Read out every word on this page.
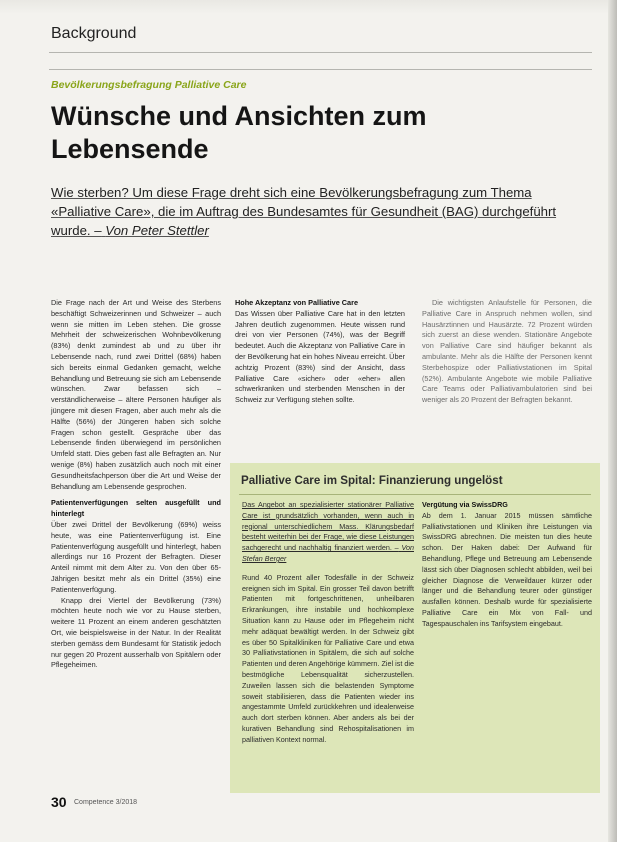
Background
Bevölkerungsbefragung Palliative Care
Wünsche und Ansichten zum Lebensende

Wie sterben? Um diese Frage dreht sich eine Bevölkerungsbefragung zum Thema «Palliative Care», die im Auftrag des Bundesamtes für Gesundheit (BAG) durchgeführt wurde. – Von Peter Stettler

Die Frage nach der Art und Weise des Sterbens beschäftigt Schweizerinnen und Schweizer – auch wenn sie mitten im Leben stehen. Die grosse Mehrheit der schweizerischen Wohnbevölkerung (83%) denkt zumindest ab und zu über ihr Lebensende nach, rund zwei Drittel (68%) haben sich bereits einmal Gedanken gemacht, welche Behandlung und Betreuung sie sich am Lebensende wünschen. Zwar befassen sich – verständlicherweise – ältere Personen häufiger als jüngere mit diesen Fragen, aber auch mehr als die Hälfte (56%) der Jüngeren haben sich solche Fragen schon gestellt. Gespräche über das Lebensende finden überwiegend im persönlichen Umfeld statt. Dies geben fast alle Befragten an. Nur wenige (8%) haben zusätzlich auch noch mit einer Gesundheitsfachperson über die Art und Weise der Behandlung am Lebensende gesprochen.

Patientenverfügungen selten ausgefüllt und hinterlegt

Über zwei Drittel der Bevölkerung (69%) weiss heute, was eine Patientenverfügung ist. Eine Patientenverfügung ausgefüllt und hinterlegt, haben allerdings nur 16 Prozent der Befragten. Dieser Anteil nimmt mit dem Alter zu. Von den über 65-Jährigen besitzt mehr als ein Drittel (35%) eine Patientenverfügung.

Knapp drei Viertel der Bevölkerung (73%) möchten heute noch wie vor zu Hause sterben, weitere 11 Prozent an einem anderen geschätzten Ort, wie beispielsweise in der Natur. In der Realität sterben gemäss dem Bundesamt für Statistik jedoch nur gegen 20 Prozent ausserhalb von Spitälern oder Pflegeheimen.

Hohe Akzeptanz von Palliative Care

Das Wissen über Palliative Care hat in den letzten Jahren deutlich zugenommen. Heute wissen rund drei von vier Personen (74%), was der Begriff bedeutet. Auch die Akzeptanz von Palliative Care in der Bevölkerung hat ein hohes Niveau erreicht. Über achtzig Prozent (83%) sind der Ansicht, dass Palliative Care «sicher» oder «eher» allen schwerkranken und sterbenden Menschen in der Schweiz zur Verfügung stehen sollte.

Die wichtigsten Anlaufstelle für Personen, die Palliative Care in Anspruch nehmen wollen, sind Hausärztinnen und Hausärzte. 72 Prozent würden sich zuerst an diese wenden. Stationäre Angebote von Palliative Care sind häufiger bekannt als ambulante. Mehr als die Hälfte der Personen kennt Sterbehospize oder Palliativstationen im Spital (52%). Ambulante Angebote wie mobile Palliative Care Teams oder Palliativambulatorien sind bei weniger als 20 Prozent der Befragten bekannt.

Palliative Care im Spital: Finanzierung ungelöst

Das Angebot an spezialisierter stationärer Palliative Care ist grundsätzlich vorhanden, wenn auch in regional unterschiedlichem Mass. Klärungsbedarf besteht weiterhin bei der Frage, wie diese Leistungen sachgerecht und nachhaltig finanziert werden. – Von Stefan Berger

Rund 40 Prozent aller Todesfälle in der Schweiz ereignen sich im Spital. Ein grosser Teil davon betrifft Patienten mit fortgeschrittenen, unheilbaren Erkrankungen, ihre instabile und hochkomplexe Situation kann zu Hause oder im Pflegeheim nicht mehr adäquat bewältigt werden. In der Schweiz gibt es über 50 Spitalkliniken für Palliative Care und etwa 30 Palliativstationen in Spitälern, die sich auf solche Patienten und deren Angehörige kümmern. Ziel ist die bestmögliche Lebensqualität sicherzustellen. Zuweilen lassen sich die belastenden Symptome soweit stabilisieren, dass die Patienten wieder ins angestammte Umfeld zurückkehren und idealerweise auch dort sterben können. Aber anders als bei der kurativen Behandlung sind Rehospitalisationen im palliativen Kontext normal.

Vergütung via SwissDRG

Ab dem 1. Januar 2015 müssen sämtliche Palliativstationen und Kliniken ihre Leistungen via SwissDRG abrechnen. Die meisten tun dies heute schon. Der Haken dabei: Der Aufwand für Behandlung, Pflege und Betreuung am Lebensende lässt sich über Diagnosen schlecht abbilden, weil bei gleicher Diagnose die Verweildauer kürzer oder länger und die Behandlung teurer oder günstiger ausfallen können. Deshalb wurde für spezialisierte Palliative Care ein Mix von Fall- und Tagespauschalen ins Tarifsystem eingebaut.

30 Competence 3/2018
